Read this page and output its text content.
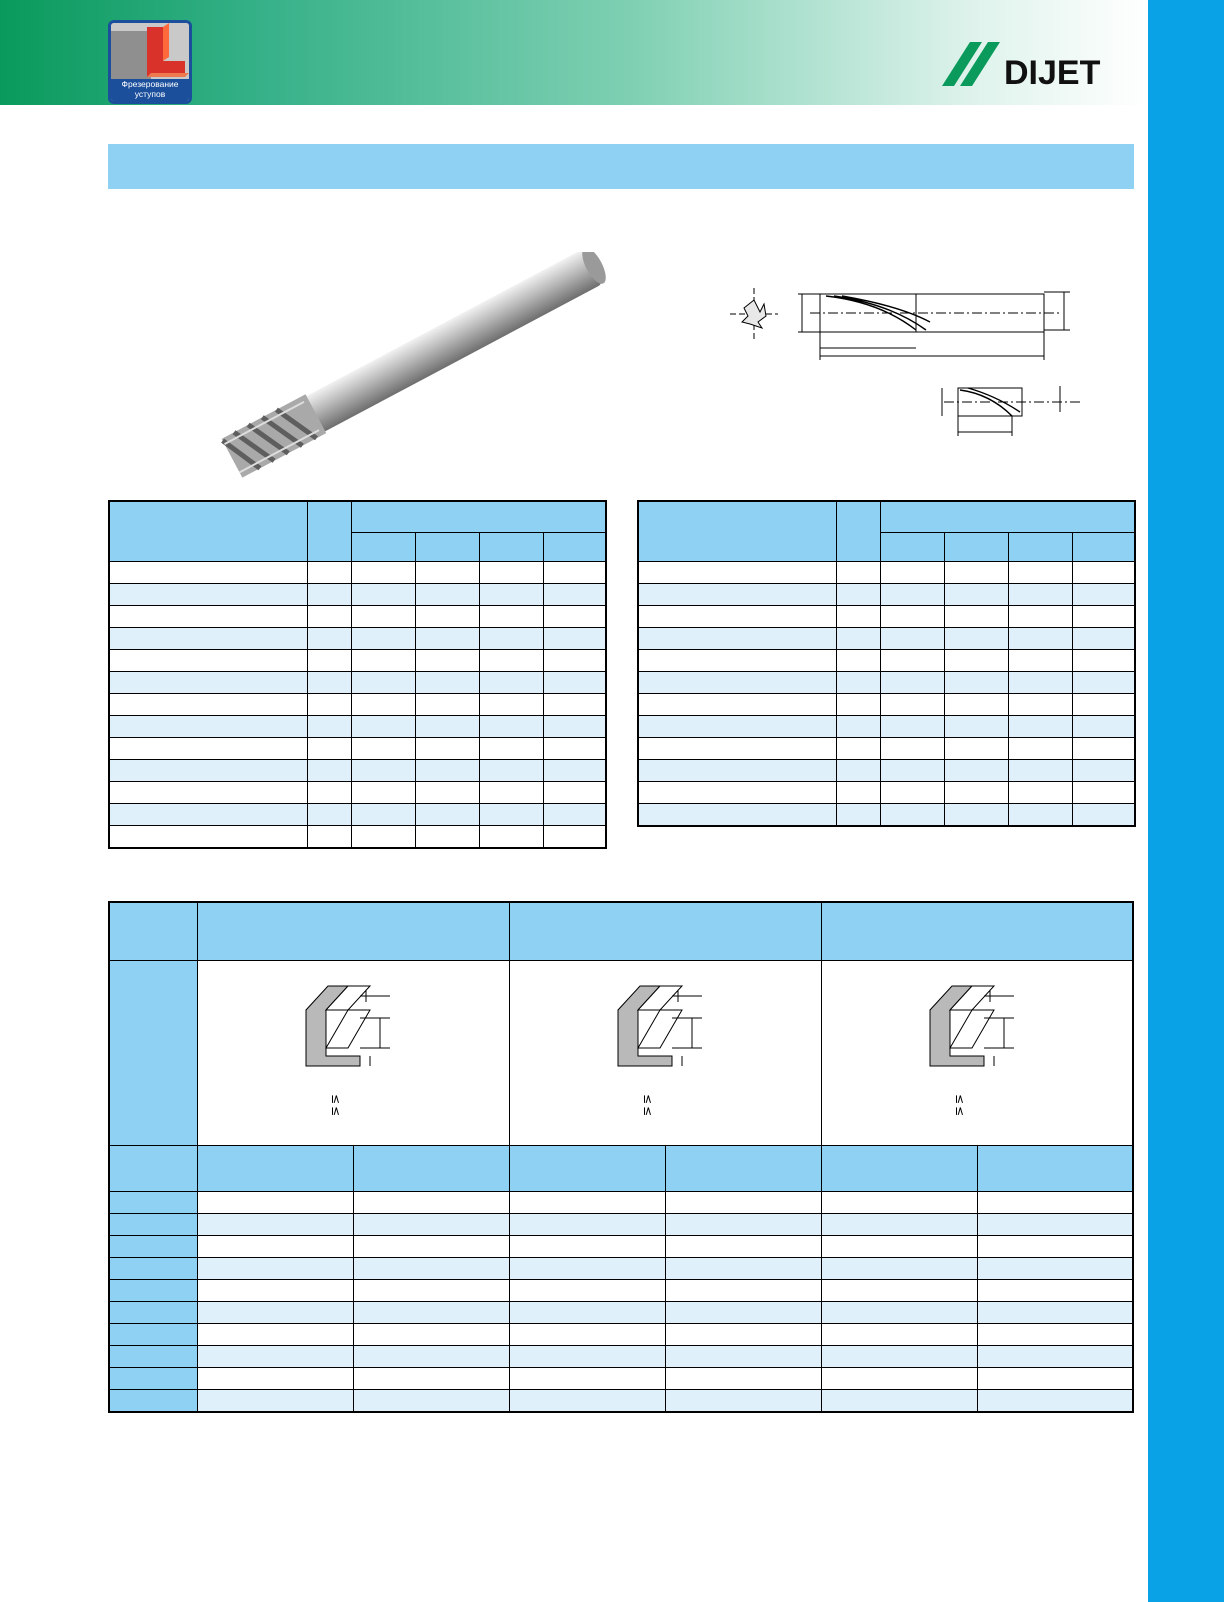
Фрезерование уступов
DIJET

≤
≤		≤
≤		≤
≤	
